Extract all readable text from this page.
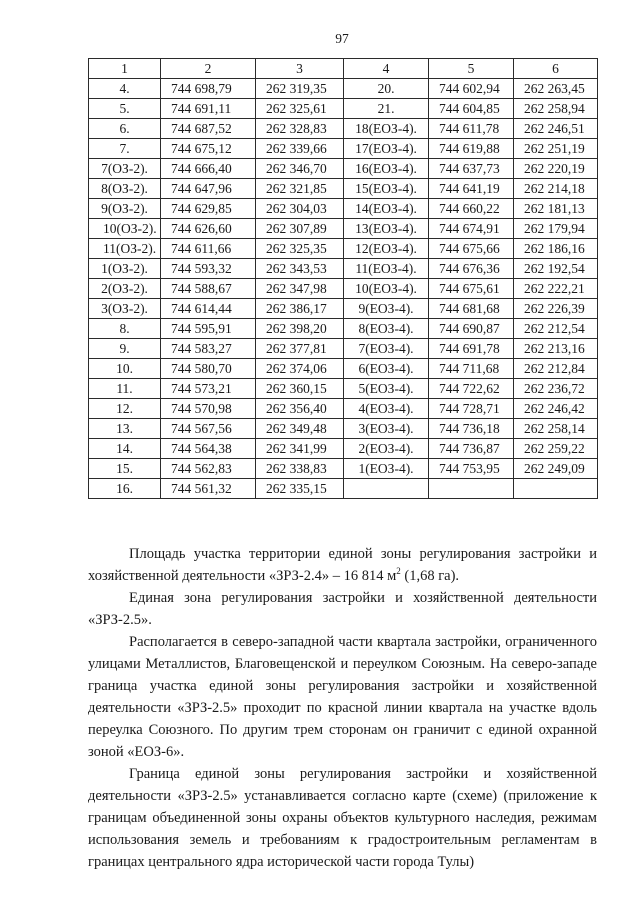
97
1	2	3	4	5	6
4.	744 698,79	262 319,35	20.	744 602,94	262 263,45
5.	744 691,11	262 325,61	21.	744 604,85	262 258,94
6.	744 687,52	262 328,83	18(ЕОЗ-4).	744 611,78	262 246,51
7.	744 675,12	262 339,66	17(ЕОЗ-4).	744 619,88	262 251,19
7(ОЗ-2).	744 666,40	262 346,70	16(ЕОЗ-4).	744 637,73	262 220,19
8(ОЗ-2).	744 647,96	262 321,85	15(ЕОЗ-4).	744 641,19	262 214,18
9(ОЗ-2).	744 629,85	262 304,03	14(ЕОЗ-4).	744 660,22	262 181,13
10(ОЗ-2).	744 626,60	262 307,89	13(ЕОЗ-4).	744 674,91	262 179,94
11(ОЗ-2).	744 611,66	262 325,35	12(ЕОЗ-4).	744 675,66	262 186,16
1(ОЗ-2).	744 593,32	262 343,53	11(ЕОЗ-4).	744 676,36	262 192,54
2(ОЗ-2).	744 588,67	262 347,98	10(ЕОЗ-4).	744 675,61	262 222,21
3(ОЗ-2).	744 614,44	262 386,17	9(ЕОЗ-4).	744 681,68	262 226,39
8.	744 595,91	262 398,20	8(ЕОЗ-4).	744 690,87	262 212,54
9.	744 583,27	262 377,81	7(ЕОЗ-4).	744 691,78	262 213,16
10.	744 580,70	262 374,06	6(ЕОЗ-4).	744 711,68	262 212,84
11.	744 573,21	262 360,15	5(ЕОЗ-4).	744 722,62	262 236,72
12.	744 570,98	262 356,40	4(ЕОЗ-4).	744 728,71	262 246,42
13.	744 567,56	262 349,48	3(ЕОЗ-4).	744 736,18	262 258,14
14.	744 564,38	262 341,99	2(ЕОЗ-4).	744 736,87	262 259,22
15.	744 562,83	262 338,83	1(ЕОЗ-4).	744 753,95	262 249,09
16.	744 561,32	262 335,15			

Площадь участка территории единой зоны регулирования застройки и хозяйственной деятельности «ЗРЗ-2.4» – 16 814 $м^2$ (1,68 га).

Единая зона регулирования застройки и хозяйственной деятельности «ЗРЗ-2.5».

Располагается в северо-западной части квартала застройки, ограниченного улицами Металлистов, Благовещенской и переулком Союзным. На северо-западе граница участка единой зоны регулирования застройки и хозяйственной деятельности «ЗРЗ-2.5» проходит по красной линии квартала на участке вдоль переулка Союзного. По другим трем сторонам он граничит с единой охранной зоной «ЕОЗ-6».

Граница единой зоны регулирования застройки и хозяйственной деятельности «ЗРЗ-2.5» устанавливается согласно карте (схеме) (приложение к границам объединенной зоны охраны объектов культурного наследия, режимам использования земель и требованиям к градостроительным регламентам в границах центрального ядра исторической части города Тулы)
